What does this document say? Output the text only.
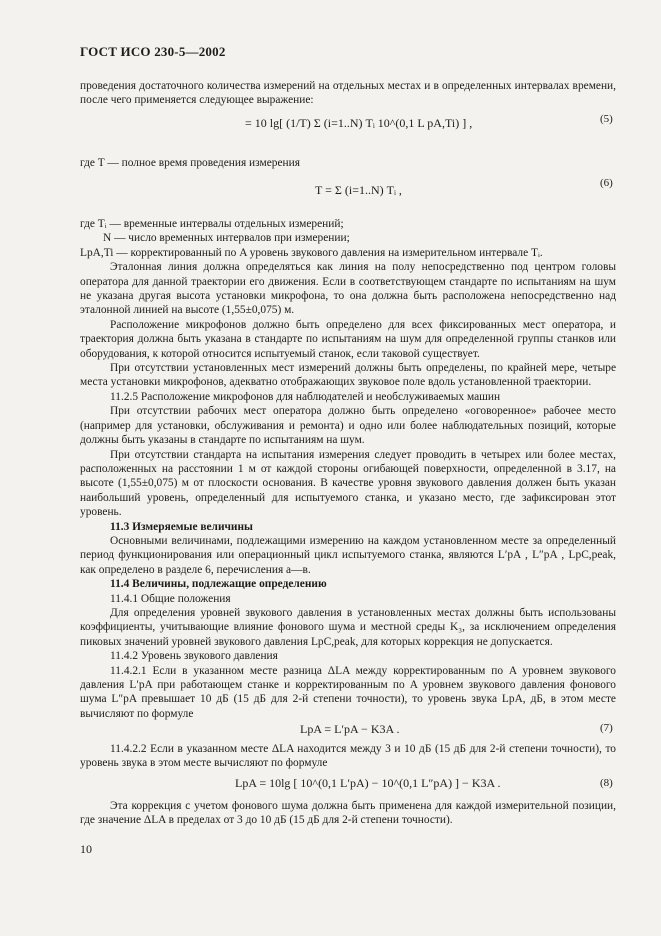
ГОСТ ИСО 230-5—2002

проведения достаточного количества измерений на отдельных местах и в определенных интервалах времени, после чего применяется следующее выражение:

= 10 lg[ (1/T) Σ (i=1..N) Tᵢ 10^(0,1 L pA,Ti) ] ,	(5)

где T — полное время проведения измерения

T = Σ (i=1..N) Tᵢ ,	(6)

где Tᵢ — временные интервалы отдельных измерений;

N — число временных интервалов при измерении;

LpA,Ti — корректированный по A уровень звукового давления на измерительном интервале Tᵢ.

Эталонная линия должна определяться как линия на полу непосредственно под центром головы оператора для данной траектории его движения. Если в соответствующем стандарте по испытаниям на шум не указана другая высота установки микрофона, то она должна быть расположена непосредственно над эталонной линией на высоте (1,55±0,075) м.

Расположение микрофонов должно быть определено для всех фиксированных мест оператора, и траектория должна быть указана в стандарте по испытаниям на шум для определенной группы станков или оборудования, к которой относится испытуемый станок, если таковой существует.

При отсутствии установленных мест измерений должны быть определены, по крайней мере, четыре места установки микрофонов, адекватно отображающих звуковое поле вдоль установленной траектории.

11.2.5 Расположение микрофонов для наблюдателей и необслуживаемых машин

При отсутствии рабочих мест оператора должно быть определено «оговоренное» рабочее место (например для установки, обслуживания и ремонта) и одно или более наблюдательных позиций, которые должны быть указаны в стандарте по испытаниям на шум.

При отсутствии стандарта на испытания измерения следует проводить в четырех или более местах, расположенных на расстоянии 1 м от каждой стороны огибающей поверхности, определенной в 3.17, на высоте (1,55±0,075) м от плоскости основания. В качестве уровня звукового давления должен быть указан наибольший уровень, определенный для испытуемого станка, и указано место, где зафиксирован этот уровень.

11.3 Измеряемые величины

Основными величинами, подлежащими измерению на каждом установленном месте за определенный период функционирования или операционный цикл испытуемого станка, являются L′pA , L″pA , LpC,peak, как определено в разделе 6, перечисления а—в.

11.4 Величины, подлежащие определению

11.4.1 Общие положения

Для определения уровней звукового давления в установленных местах должны быть использованы коэффициенты, учитывающие влияние фонового шума и местной среды K₃, за исключением определения пиковых значений уровней звукового давления LpC,peak, для которых коррекция не допускается.

11.4.2 Уровень звукового давления

11.4.2.1 Если в указанном месте разница ΔLA между корректированным по A уровнем звукового давления L′pA при работающем станке и корректированным по A уровнем звукового давления фонового шума L″pA превышает 10 дБ (15 дБ для 2-й степени точности), то уровень звука LpA, дБ, в этом месте вычисляют по формуле

LpA = L′pA − K3A .	(7)

11.4.2.2 Если в указанном месте ΔLA находится между 3 и 10 дБ (15 дБ для 2-й степени точности), то уровень звука в этом месте вычисляют по формуле

LpA = 10lg [ 10^(0,1 L′pA) − 10^(0,1 L″pA) ] − K3A .	(8)

Эта коррекция с учетом фонового шума должна быть применена для каждой измерительной позиции, где значение ΔLA в пределах от 3 до 10 дБ (15 дБ для 2-й степени точности).

10
